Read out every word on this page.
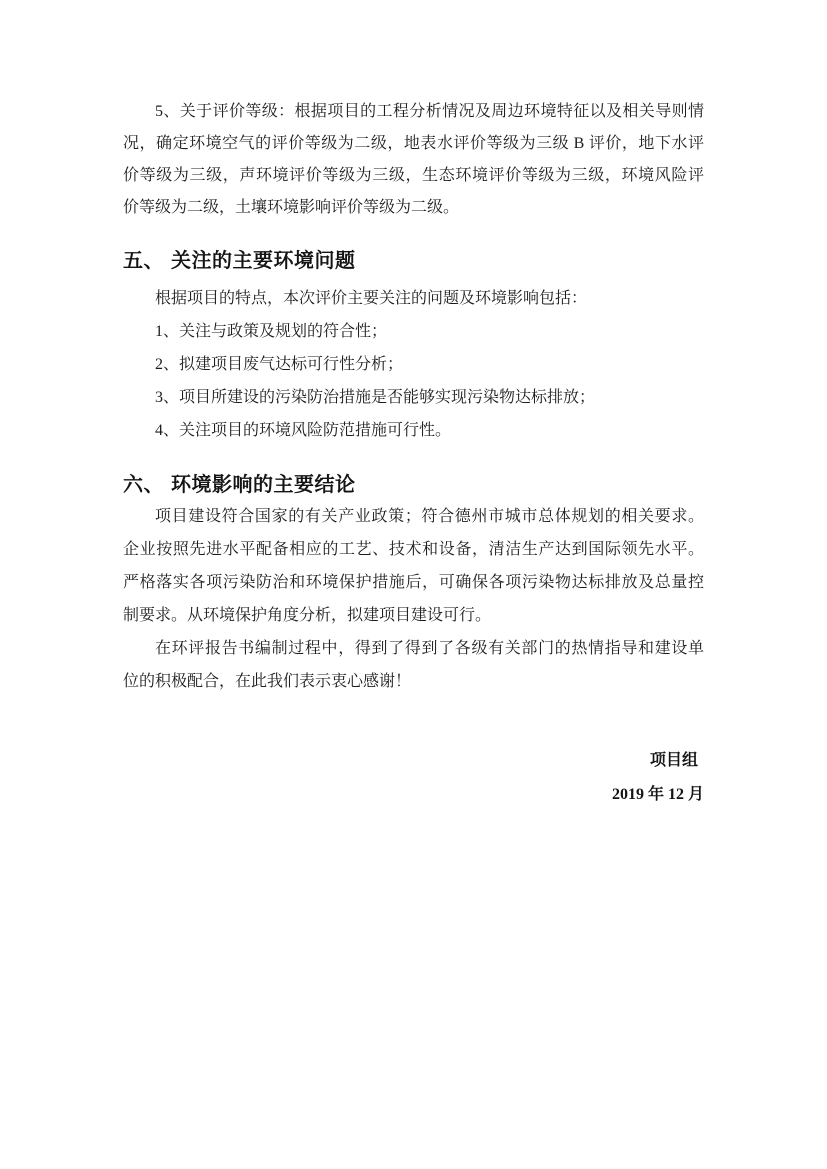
5、关于评价等级：根据项目的工程分析情况及周边环境特征以及相关导则情
况，确定环境空气的评价等级为二级，地表水评价等级为三级 B 评价，地下水评
价等级为三级，声环境评价等级为三级，生态环境评价等级为三级，环境风险评
价等级为二级，土壤环境影响评价等级为二级。
五、 关注的主要环境问题
根据项目的特点，本次评价主要关注的问题及环境影响包括：
1、关注与政策及规划的符合性；
2、拟建项目废气达标可行性分析；
3、项目所建设的污染防治措施是否能够实现污染物达标排放；
4、关注项目的环境风险防范措施可行性。
六、 环境影响的主要结论
项目建设符合国家的有关产业政策；符合德州市城市总体规划的相关要求。
企业按照先进水平配备相应的工艺、技术和设备，清洁生产达到国际领先水平。
严格落实各项污染防治和环境保护措施后，可确保各项污染物达标排放及总量控
制要求。从环境保护角度分析，拟建项目建设可行。
在环评报告书编制过程中，得到了得到了各级有关部门的热情指导和建设单
位的积极配合，在此我们表示衷心感谢！
项目组
2019 年 12 月
